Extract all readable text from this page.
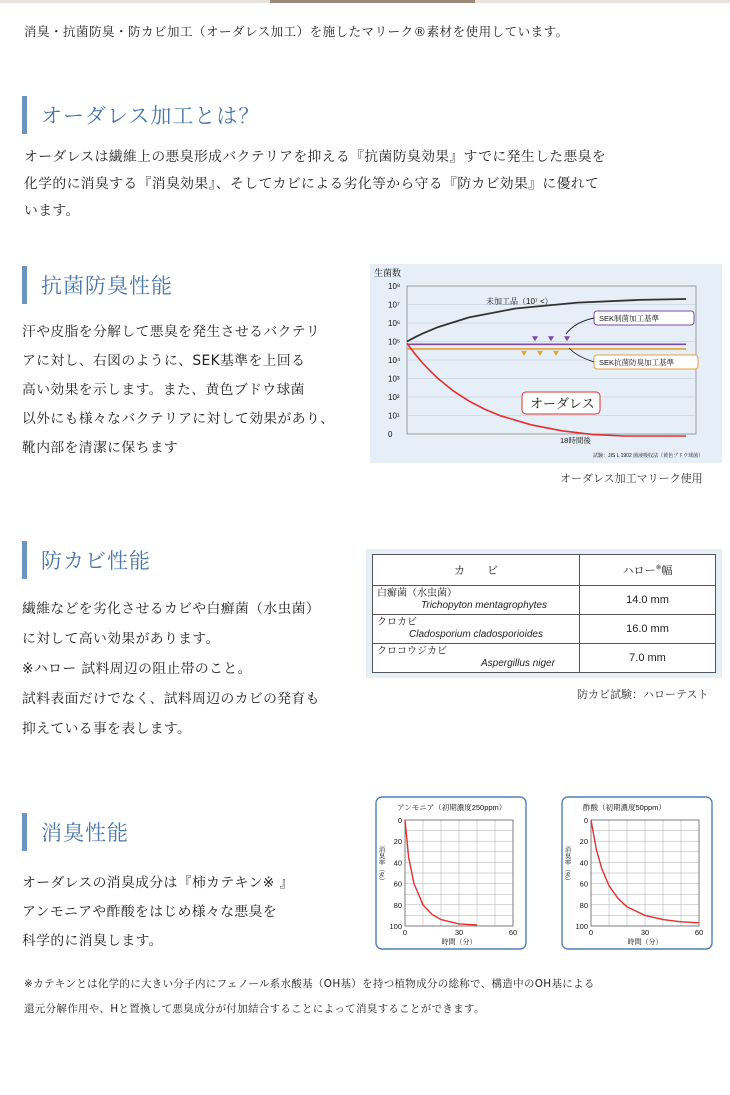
消臭・抗菌防臭・防カビ加工（オーダレス加工）を施したマリーク®素材を使用しています。
オーダレス加工とは？
オーダレスは繊維上の悪臭形成バクテリアを抑える『抗菌防臭効果』すでに発生した悪臭を
化学的に消臭する『消臭効果』、そしてカビによる劣化等から守る『防カビ効果』に優れて
います。
抗菌防臭性能
汗や皮脂を分解して悪臭を発生させるバクテリ
アに対し、右図のように、SEK基準を上回る
高い効果を示します。また、黄色ブドウ球菌
以外にも様々なバクテリアに対して効果があり、
靴内部を清潔に保ちます
生菌数
10⁸
10⁷
10⁶
10⁵
10⁴
10³
10²
10¹
0
18時間後
未加工品（10⁷ <）
SEK制菌加工基準
SEK抗菌防臭加工基準
オーダレス
試験：JIS L 1902 菌液吸収法（黄色ブドウ球菌）
オーダレス加工マリーク使用
防カビ性能
繊維などを劣化させるカビや白癬菌（水虫菌）
に対して高い効果があります。
※ハロー 試料周辺の阻止帯のこと。
試料表面だけでなく、試料周辺のカビの発育も
抑えている事を表します。
カ　　ビ	ハロー※幅

白癬菌（水虫菌）
Trichopyton mentagrophytes	14.0 mm

クロカビ
Cladosporium cladosporioides	16.0 mm

クロコウジカビ
Aspergillus niger	7.0 mm
防カビ試験：ハローテスト
消臭性能
オーダレスの消臭成分は『柿カテキン※ 』
アンモニアや酢酸をはじめ様々な悪臭を
科学的に消臭します。
アンモニア（初期濃度250ppm）
0
20
40
60
80
100
0	30	60
時間（分）
消臭率（%）
酢酸（初期濃度50ppm）
0
20
40
60
80
100
0	30	60
時間（分）
消臭率（%）
※カテキンとは化学的に大きい分子内にフェノール系水酸基（OH基）を持つ植物成分の総称で、構造中のOH基による
還元分解作用や、Hと置換して悪臭成分が付加結合することによって消臭することができます。
